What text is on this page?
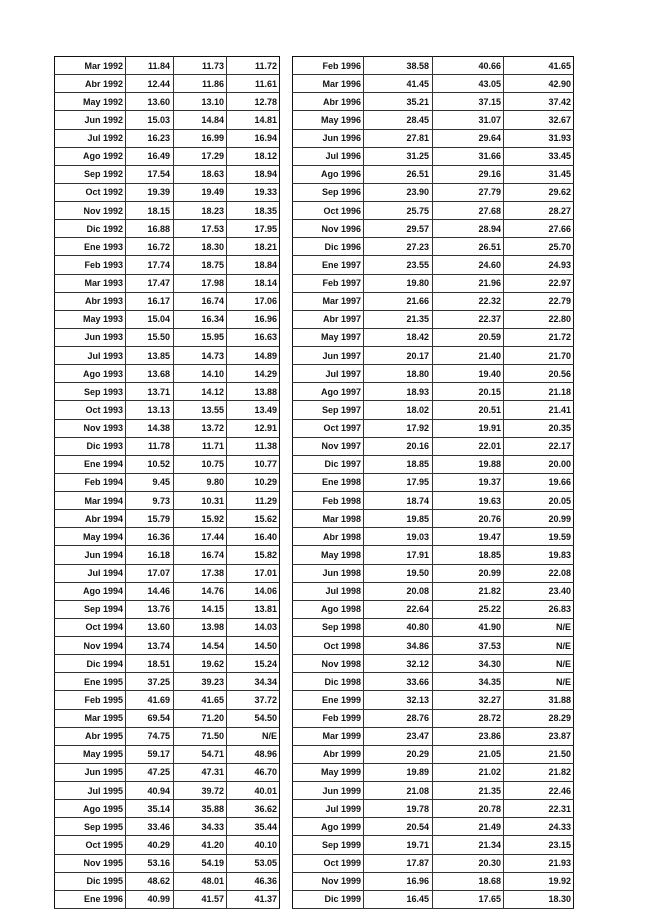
Mar 1992	11.84	11.73	11.72
Abr 1992	12.44	11.86	11.61
May 1992	13.60	13.10	12.78
Jun 1992	15.03	14.84	14.81
Jul 1992	16.23	16.99	16.94
Ago 1992	16.49	17.29	18.12
Sep 1992	17.54	18.63	18.94
Oct 1992	19.39	19.49	19.33
Nov 1992	18.15	18.23	18.35
Dic 1992	16.88	17.53	17.95
Ene 1993	16.72	18.30	18.21
Feb 1993	17.74	18.75	18.84
Mar 1993	17.47	17.98	18.14
Abr 1993	16.17	16.74	17.06
May 1993	15.04	16.34	16.96
Jun 1993	15.50	15.95	16.63
Jul 1993	13.85	14.73	14.89
Ago 1993	13.68	14.10	14.29
Sep 1993	13.71	14.12	13.88
Oct 1993	13.13	13.55	13.49
Nov 1993	14.38	13.72	12.91
Dic 1993	11.78	11.71	11.38
Ene 1994	10.52	10.75	10.77
Feb 1994	9.45	9.80	10.29
Mar 1994	9.73	10.31	11.29
Abr 1994	15.79	15.92	15.62
May 1994	16.36	17.44	16.40
Jun 1994	16.18	16.74	15.82
Jul 1994	17.07	17.38	17.01
Ago 1994	14.46	14.76	14.06
Sep 1994	13.76	14.15	13.81
Oct 1994	13.60	13.98	14.03
Nov 1994	13.74	14.54	14.50
Dic 1994	18.51	19.62	15.24
Ene 1995	37.25	39.23	34.34
Feb 1995	41.69	41.65	37.72
Mar 1995	69.54	71.20	54.50
Abr 1995	74.75	71.50	N/E
May 1995	59.17	54.71	48.96
Jun 1995	47.25	47.31	46.70
Jul 1995	40.94	39.72	40.01
Ago 1995	35.14	35.88	36.62
Sep 1995	33.46	34.33	35.44
Oct 1995	40.29	41.20	40.10
Nov 1995	53.16	54.19	53.05
Dic 1995	48.62	48.01	46.36
Ene 1996	40.99	41.57	41.37
Feb 1996	38.58	40.66	41.65
Mar 1996	41.45	43.05	42.90
Abr 1996	35.21	37.15	37.42
May 1996	28.45	31.07	32.67
Jun 1996	27.81	29.64	31.93
Jul 1996	31.25	31.66	33.45
Ago 1996	26.51	29.16	31.45
Sep 1996	23.90	27.79	29.62
Oct 1996	25.75	27.68	28.27
Nov 1996	29.57	28.94	27.66
Dic 1996	27.23	26.51	25.70
Ene 1997	23.55	24.60	24.93
Feb 1997	19.80	21.96	22.97
Mar 1997	21.66	22.32	22.79
Abr 1997	21.35	22.37	22.80
May 1997	18.42	20.59	21.72
Jun 1997	20.17	21.40	21.70
Jul 1997	18.80	19.40	20.56
Ago 1997	18.93	20.15	21.18
Sep 1997	18.02	20.51	21.41
Oct 1997	17.92	19.91	20.35
Nov 1997	20.16	22.01	22.17
Dic 1997	18.85	19.88	20.00
Ene 1998	17.95	19.37	19.66
Feb 1998	18.74	19.63	20.05
Mar 1998	19.85	20.76	20.99
Abr 1998	19.03	19.47	19.59
May 1998	17.91	18.85	19.83
Jun 1998	19.50	20.99	22.08
Jul 1998	20.08	21.82	23.40
Ago 1998	22.64	25.22	26.83
Sep 1998	40.80	41.90	N/E
Oct 1998	34.86	37.53	N/E
Nov 1998	32.12	34.30	N/E
Dic 1998	33.66	34.35	N/E
Ene 1999	32.13	32.27	31.88
Feb 1999	28.76	28.72	28.29
Mar 1999	23.47	23.86	23.87
Abr 1999	20.29	21.05	21.50
May 1999	19.89	21.02	21.82
Jun 1999	21.08	21.35	22.46
Jul 1999	19.78	20.78	22.31
Ago 1999	20.54	21.49	24.33
Sep 1999	19.71	21.34	23.15
Oct 1999	17.87	20.30	21.93
Nov 1999	16.96	18.68	19.92
Dic 1999	16.45	17.65	18.30
